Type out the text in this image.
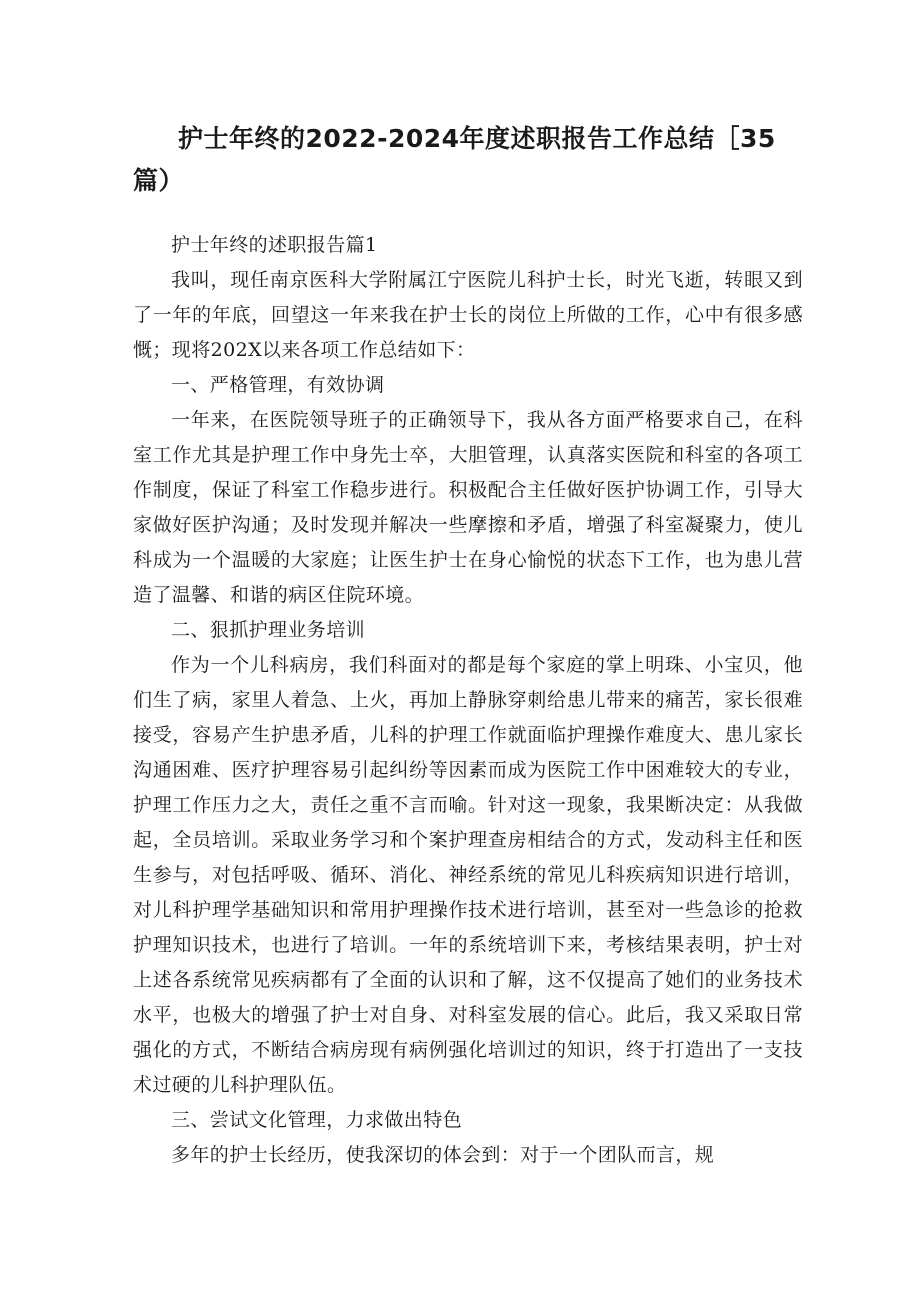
护士年终的2022-2024年度述职报告工作总结［35
篇）

护士年终的述职报告篇1

我叫，现任南京医科大学附属江宁医院儿科护士长，时光飞逝，转眼又到了一年的年底，回望这一年来我在护士长的岗位上所做的工作，心中有很多感慨；现将202X以来各项工作总结如下：

一、严格管理，有效协调

一年来，在医院领导班子的正确领导下，我从各方面严格要求自己，在科室工作尤其是护理工作中身先士卒，大胆管理，认真落实医院和科室的各项工作制度，保证了科室工作稳步进行。积极配合主任做好医护协调工作，引导大家做好医护沟通；及时发现并解决一些摩擦和矛盾，增强了科室凝聚力，使儿科成为一个温暖的大家庭；让医生护士在身心愉悦的状态下工作，也为患儿营造了温馨、和谐的病区住院环境。

二、狠抓护理业务培训

作为一个儿科病房，我们科面对的都是每个家庭的掌上明珠、小宝贝，他们生了病，家里人着急、上火，再加上静脉穿刺给患儿带来的痛苦，家长很难接受，容易产生护患矛盾，儿科的护理工作就面临护理操作难度大、患儿家长沟通困难、医疗护理容易引起纠纷等因素而成为医院工作中困难较大的专业，护理工作压力之大，责任之重不言而喻。针对这一现象，我果断决定：从我做起，全员培训。采取业务学习和个案护理查房相结合的方式，发动科主任和医生参与，对包括呼吸、循环、消化、神经系统的常见儿科疾病知识进行培训，对儿科护理学基础知识和常用护理操作技术进行培训，甚至对一些急诊的抢救护理知识技术，也进行了培训。一年的系统培训下来，考核结果表明，护士对上述各系统常见疾病都有了全面的认识和了解，这不仅提高了她们的业务技术水平，也极大的增强了护士对自身、对科室发展的信心。此后，我又采取日常强化的方式，不断结合病房现有病例强化培训过的知识，终于打造出了一支技术过硬的儿科护理队伍。

三、尝试文化管理，力求做出特色

多年的护士长经历，使我深切的体会到：对于一个团队而言，规
